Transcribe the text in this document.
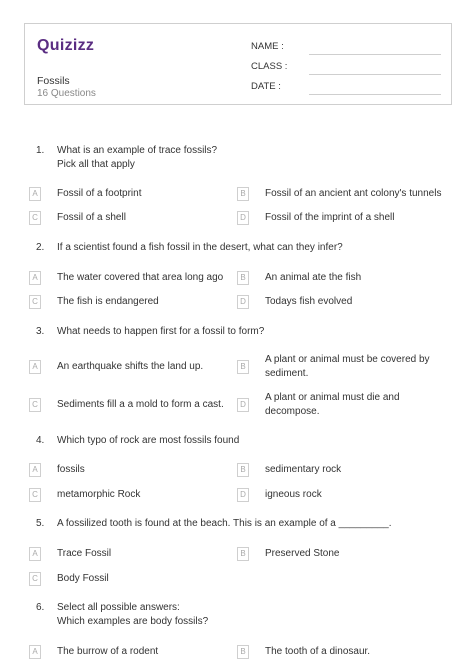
Quizizz
Fossils
16 Questions
NAME :
CLASS :
DATE :
1. What is an example of trace fossils?
Pick all that apply
A	Fossil of a footprint	B	Fossil of an ancient ant colony's tunnels
C	Fossil of a shell	D	Fossil of the imprint of a shell
2. If a scientist found a fish fossil in the desert, what can they infer?
A	The water covered that area long ago	B	An animal ate the fish
C	The fish is endangered	D	Todays fish evolved
3. What needs to happen first for a fossil to form?
A	An earthquake shifts the land up.	B
A plant or animal must be covered by
sediment.
C	Sediments fill a a mold to form a cast.	D
A plant or animal must die and
decompose.
4. Which typo of rock are most fossils found
A	fossils	B	sedimentary rock
C	metamorphic Rock	D	igneous rock
5. A fossilized tooth is found at the beach. This is an example of a _________.
A	Trace Fossil	B	Preserved Stone
C	Body Fossil
6. Select all possible answers:
Which examples are body fossils?
A	The burrow of a rodent	B	The tooth of a dinosaur.
